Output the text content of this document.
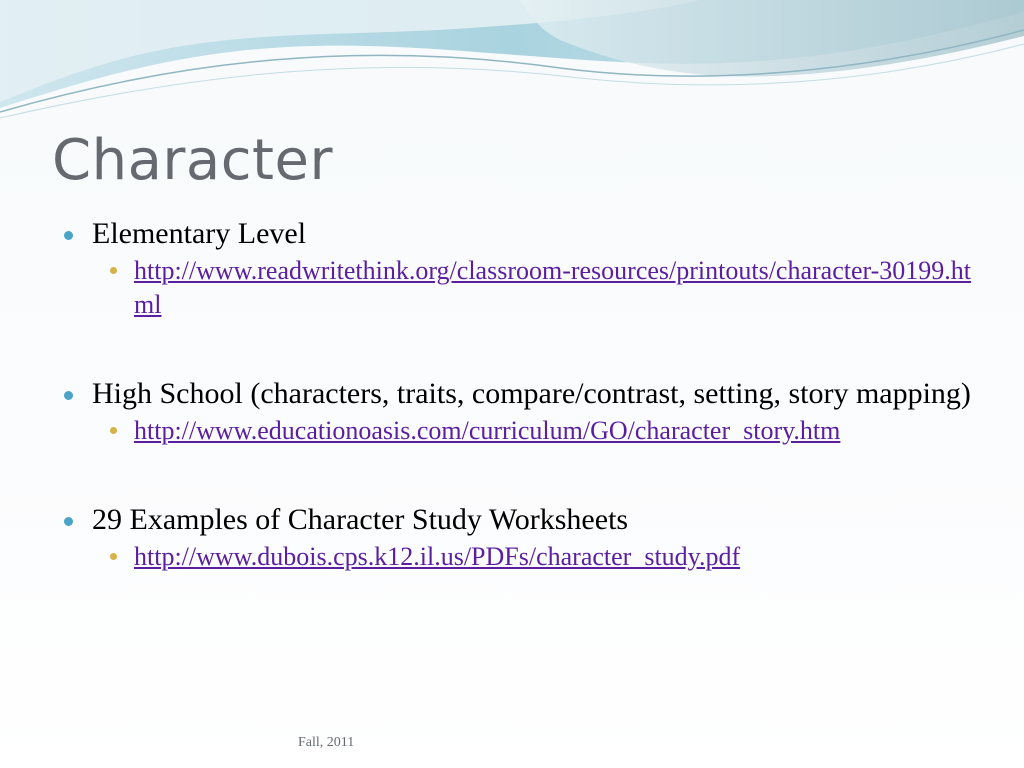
Character
Elementary Level
http://www.readwritethink.org/classroom-resources/printouts/character-30199.html
High School (characters, traits, compare/contrast, setting, story mapping)
http://www.educationoasis.com/curriculum/GO/character_story.htm
29 Examples of Character Study Worksheets
http://www.dubois.cps.k12.il.us/PDFs/character_study.pdf
Fall, 2011
